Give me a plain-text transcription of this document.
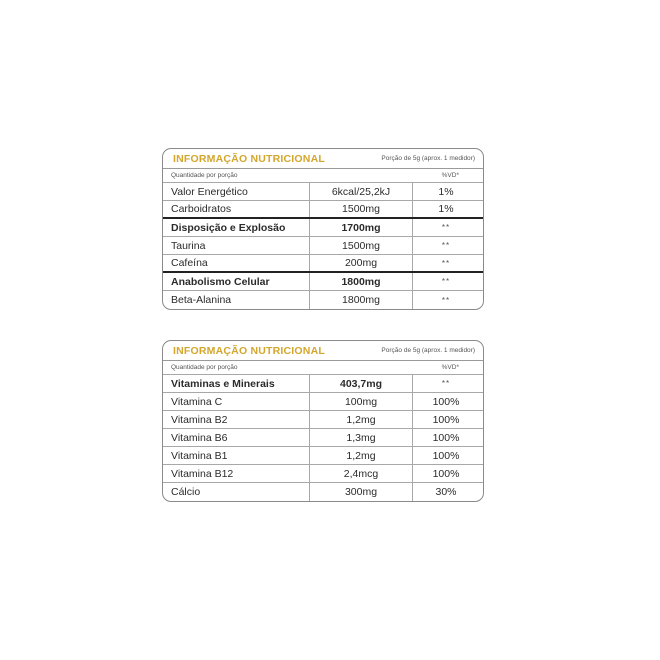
INFORMAÇÃO NUTRICIONAL	Porção de 5g (aprox. 1 medidor)
Quantidade por porção	%VD*
Valor Energético	6kcal/25,2kJ	1%
Carboidratos	1500mg	1%
Disposição e Explosão	1700mg	**
Taurina	1500mg	**
Cafeína	200mg	**
Anabolismo Celular	1800mg	**
Beta-Alanina	1800mg	**
INFORMAÇÃO NUTRICIONAL	Porção de 5g (aprox. 1 medidor)
Quantidade por porção	%VD*
Vitaminas e Minerais	403,7mg	**
Vitamina C	100mg	100%
Vitamina B2	1,2mg	100%
Vitamina B6	1,3mg	100%
Vitamina B1	1,2mg	100%
Vitamina B12	2,4mcg	100%
Cálcio	300mg	30%
